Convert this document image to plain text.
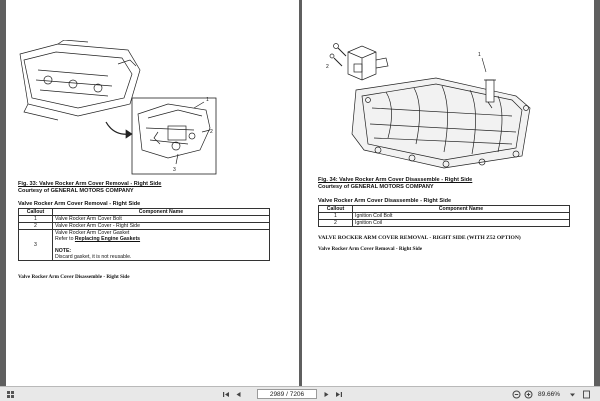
1
2
3
Fig. 33: Valve Rocker Arm Cover Removal - Right Side
Courtesy of GENERAL MOTORS COMPANY
Valve Rocker Arm Cover Removal - Right Side
Callout	Component Name
1	Valve Rocker Arm Cover Bolt
2	Valve Rocker Arm Cover - Right Side
3	Valve Rocker Arm Cover Gasket
Refer to Replacing Engine Gaskets
NOTE:
Discard gasket, it is not reusable.
Valve Rocker Arm Cover Disassemble - Right Side
2
1
Fig. 34: Valve Rocker Arm Cover Disassemble - Right Side
Courtesy of GENERAL MOTORS COMPANY
Valve Rocker Arm Cover Disassemble - Right Side
Callout	Component Name
1	Ignition Coil Bolt
2	Ignition Coil
VALVE ROCKER ARM COVER REMOVAL - RIGHT SIDE (WITH Z52 OPTION)
Valve Rocker Arm Cover Removal - Right Side
2989 / 7206	89.66%
